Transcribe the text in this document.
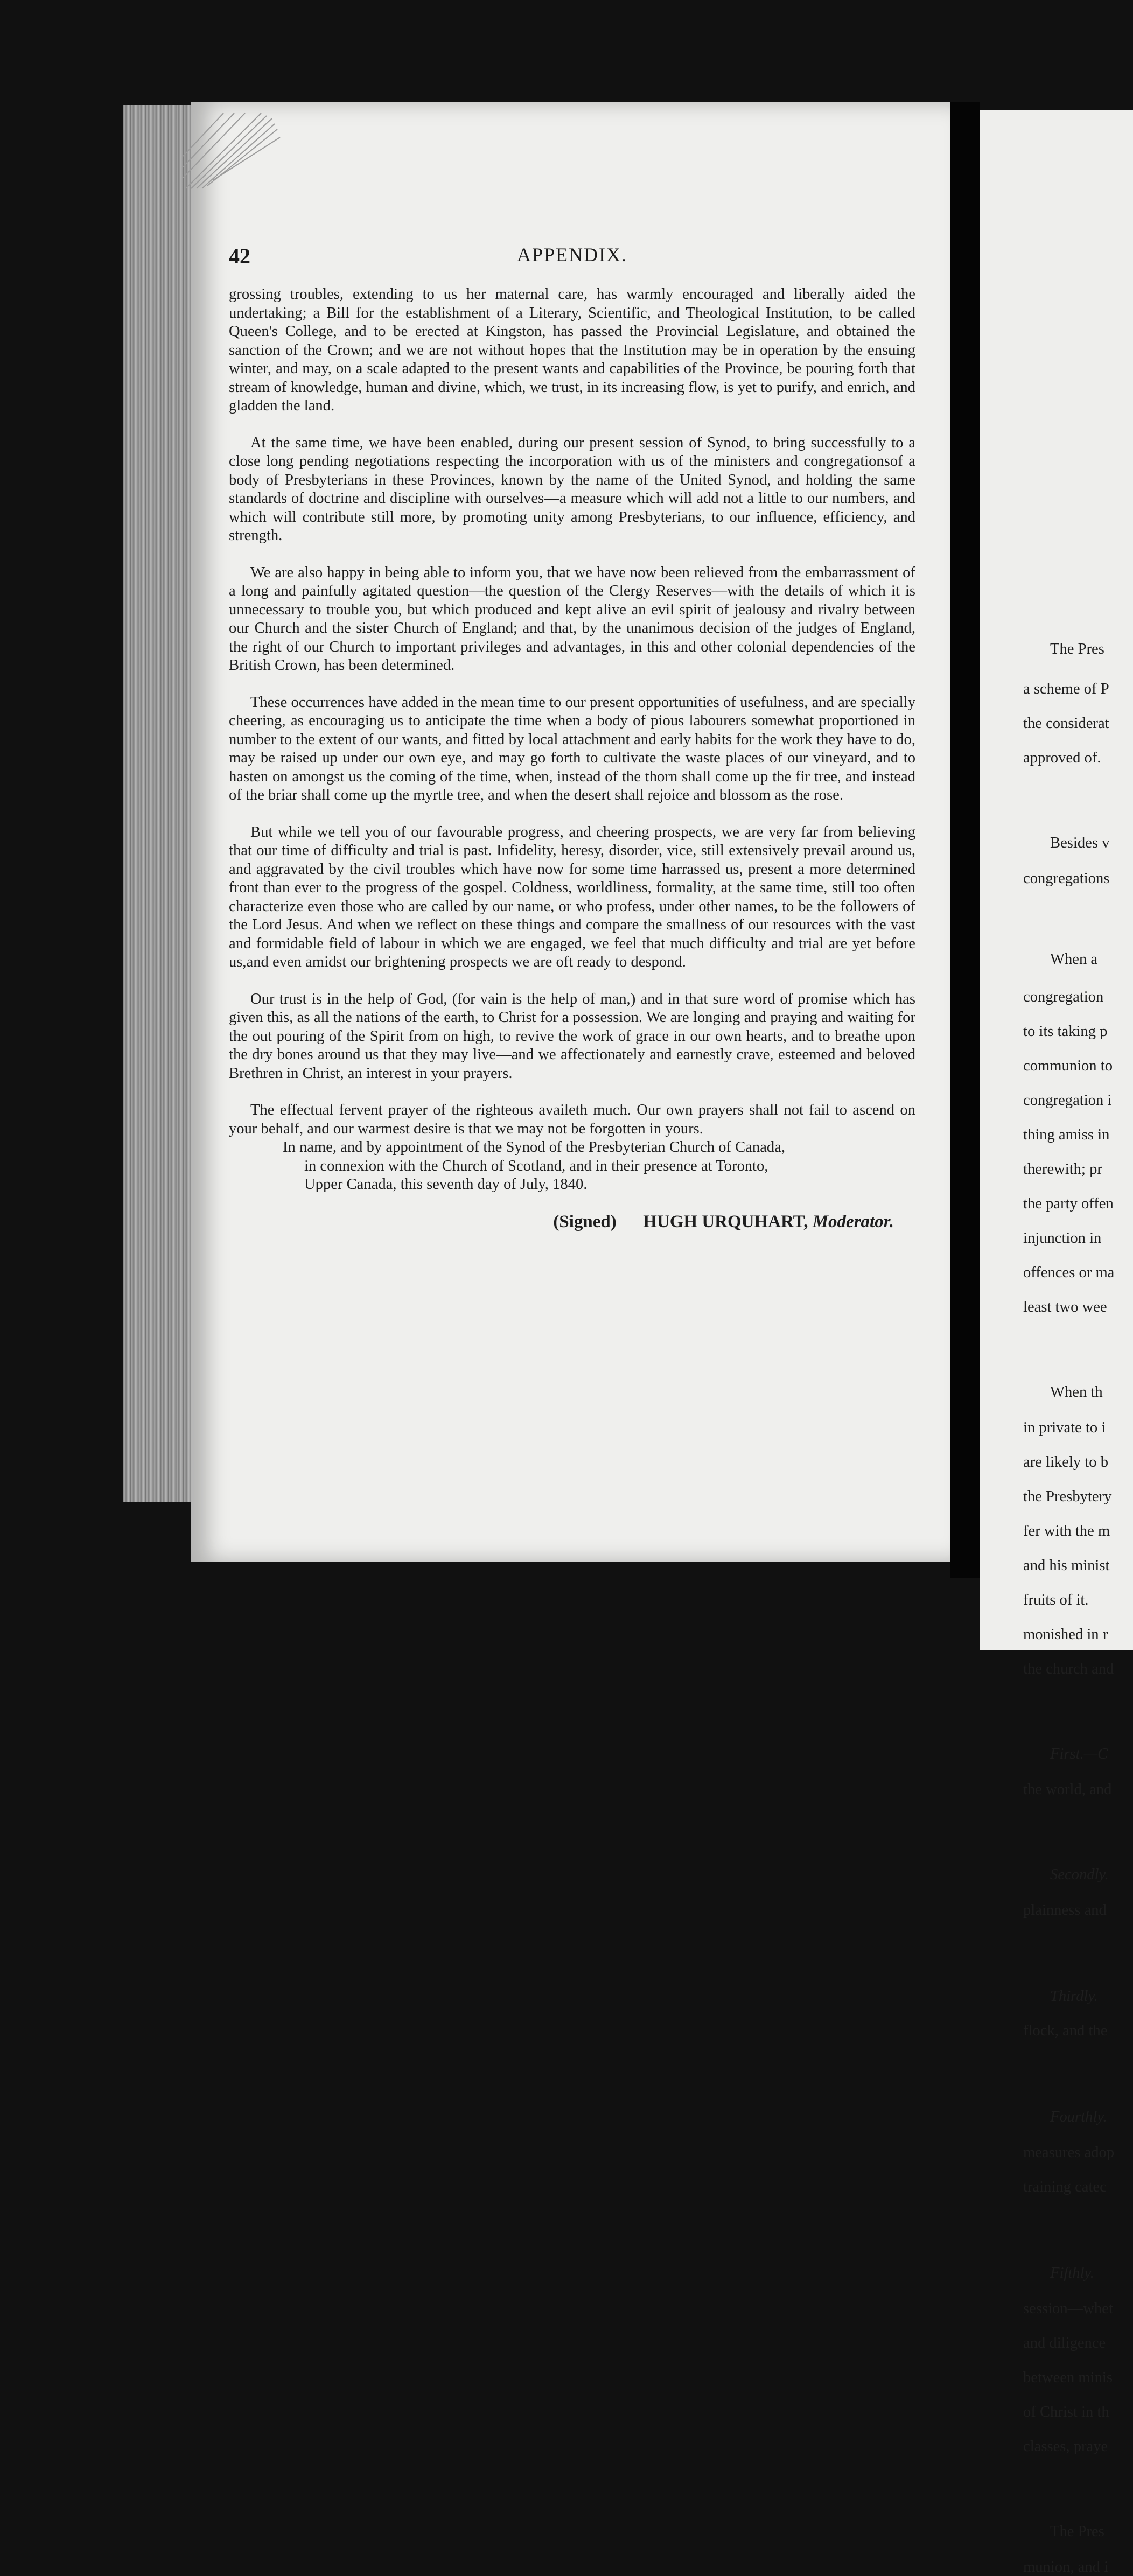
42	APPENDIX.

grossing troubles, extending to us her maternal care, has warmly encouraged and liberally aided the undertaking; a Bill for the establishment of a Literary, Scientific, and Theological Institution, to be called Queen's College, and to be erected at Kingston, has passed the Provincial Legislature, and obtained the sanction of the Crown; and we are not without hopes that the Institution may be in operation by the ensuing winter, and may, on a scale adapted to the present wants and capabilities of the Province, be pouring forth that stream of knowledge, human and divine, which, we trust, in its increasing flow, is yet to purify, and enrich, and gladden the land.

At the same time, we have been enabled, during our present session of Synod, to bring successfully to a close long pending negotiations respecting the incorporation with us of the ministers and congregationsof a body of Presbyterians in these Provinces, known by the name of the United Synod, and holding the same standards of doctrine and discipline with ourselves—a measure which will add not a little to our numbers, and which will contribute still more, by promoting unity among Presbyterians, to our influence, efficiency, and strength.

We are also happy in being able to inform you, that we have now been relieved from the embarrassment of a long and painfully agitated question—the question of the Clergy Reserves—with the details of which it is unnecessary to trouble you, but which produced and kept alive an evil spirit of jealousy and rivalry between our Church and the sister Church of England; and that, by the unanimous decision of the judges of England, the right of our Church to important privileges and advantages, in this and other colonial dependencies of the British Crown, has been determined.

These occurrences have added in the mean time to our present opportunities of usefulness, and are specially cheering, as encouraging us to anticipate the time when a body of pious labourers somewhat proportioned in number to the extent of our wants, and fitted by local attachment and early habits for the work they have to do, may be raised up under our own eye, and may go forth to cultivate the waste places of our vineyard, and to hasten on amongst us the coming of the time, when, instead of the thorn shall come up the fir tree, and instead of the briar shall come up the myrtle tree, and when the desert shall rejoice and blossom as the rose.

But while we tell you of our favourable progress, and cheering prospects, we are very far from believing that our time of difficulty and trial is past. Infidelity, heresy, disorder, vice, still extensively prevail around us, and aggravated by the civil troubles which have now for some time harrassed us, present a more determined front than ever to the progress of the gospel. Coldness, worldliness, formality, at the same time, still too often characterize even those who are called by our name, or who profess, under other names, to be the followers of the Lord Jesus. And when we reflect on these things and compare the smallness of our resources with the vast and formidable field of labour in which we are engaged, we feel that much difficulty and trial are yet before us,and even amidst our brightening prospects we are oft ready to despond.

Our trust is in the help of God, (for vain is the help of man,) and in that sure word of promise which has given this, as all the nations of the earth, to Christ for a possession. We are longing and praying and waiting for the out pouring of the Spirit from on high, to revive the work of grace in our own hearts, and to breathe upon the dry bones around us that they may live—and we affectionately and earnestly crave, esteemed and beloved Brethren in Christ, an interest in your prayers.

The effectual fervent prayer of the righteous availeth much. Our own prayers shall not fail to ascend on your behalf, and our warmest desire is that we may not be forgotten in yours.

In name, and by appointment of the Synod of the Presbyterian Church of Canada,
in connexion with the Church of Scotland, and in their presence at Toronto,
Upper Canada, this seventh day of July, 1840.
(Signed) HUGH URQUHART, Moderator.
The Pres
a scheme of P
the considerat
approved of.
Besides v
congregations
When a
congregation
to its taking p
communion to
congregation i
thing amiss in
therewith; pr
the party offen
injunction in
offences or ma
least two wee
When th
in private to i
are likely to b
the Presbytery
fer with the m
and his minist
fruits of it.
monished in r
the church and
First.—C
the world, and
Secondly.
plainness and
Thirdly.
flock, and the
Fourthly.
measures adop
training catec
Fifthly.
session—whet
and diligence
between minis
of Christ in th
classes, praye
The Pres
munion, and i
